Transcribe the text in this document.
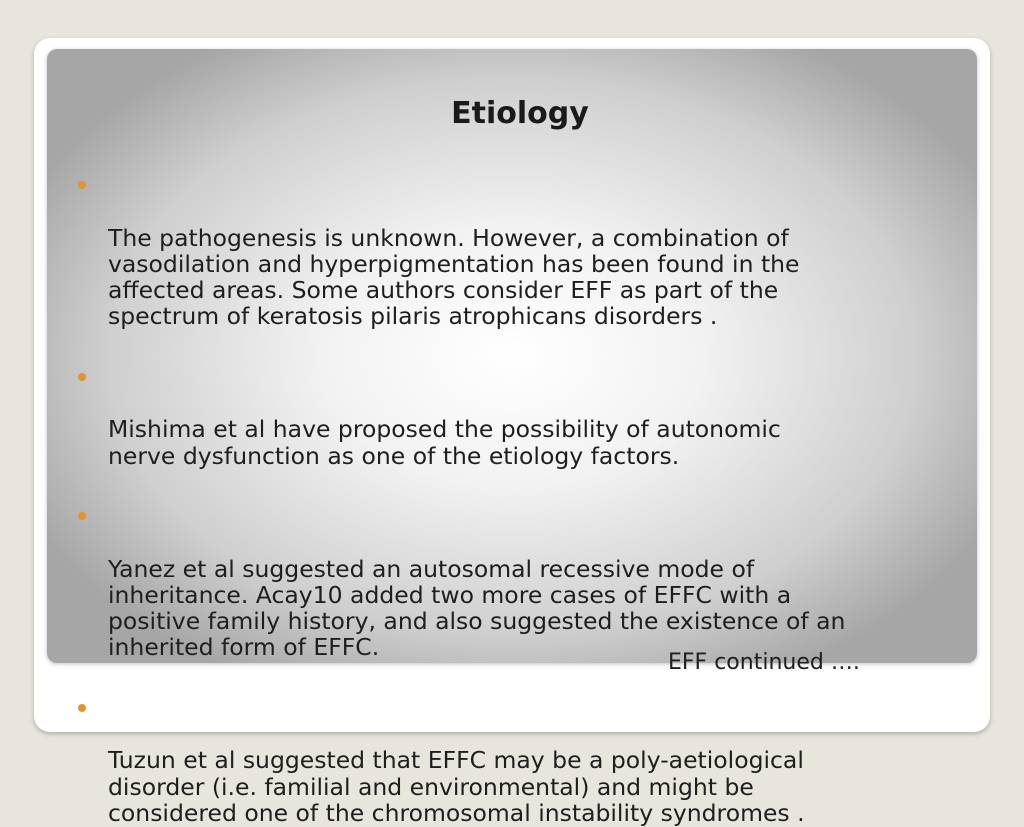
Etiology

The pathogenesis is unknown. However, a combination of
vasodilation and hyperpigmentation has been found in the
affected areas. Some authors consider EFF as part of the
spectrum of keratosis pilaris atrophicans disorders .

Mishima et al have proposed the possibility of autonomic
nerve dysfunction as one of the etiology factors.

Yanez et al suggested an autosomal recessive mode of
inheritance. Acay10 added two more cases of EFFC with a
positive family history, and also suggested the existence of an
inherited form of EFFC.

Tuzun et al suggested that EFFC may be a poly-aetiological
disorder (i.e. familial and environmental) and might be
considered one of the chromosomal instability syndromes .

EFF continued ….
